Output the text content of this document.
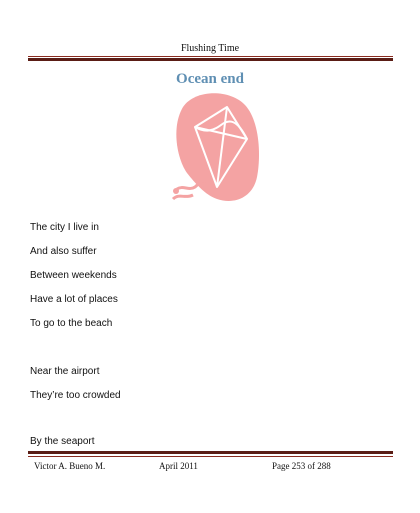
Flushing Time
Ocean end
The city I live in
And also suffer
Between weekends
Have a lot of places
To go to the beach
Near the airport
They’re too crowded
By the seaport
Victor A. Bueno M.	April 2011	Page 253 of 288
